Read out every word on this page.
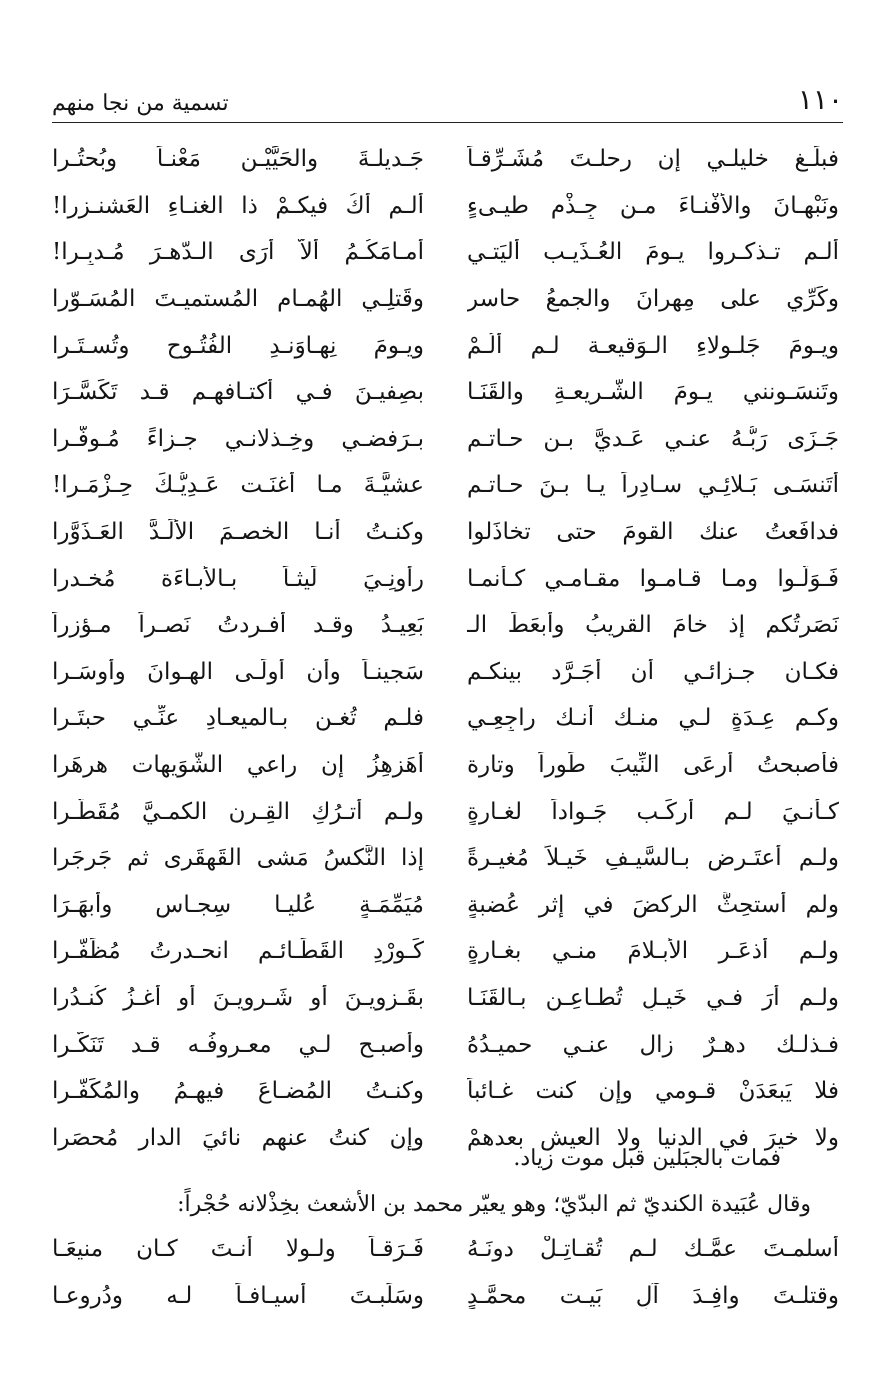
١١٠
تسمية من نجا منهم
فبلِّـغ خليلـي إن رحلـتَ مُشَـرِّقـاً
جَـديلـةَ والحَيَّيْـن مَعْنـاً وبُحتُـرا
ونَبْهـانَ والأَفْنـاءَ مـن جِـذْمِ طيـىءٍ
ألـم أكُ فيكـمْ ذا الغنـاءِ العَشنـزرا!
ألـم تـذكـروا يـومَ العُـذَيـب أليَتـي
أمـامَكُـمُ ألاَّ أرَى الـدّهـرَ مُـدبِـرا!
وكَرِّي على مِهرانَ والجمعُ حاسر
وقَتلِـي الهُمـام المُستميـتَ المُسَـوّرا
ويـومَ جَلـولاءِ الـوَقيعـة لـم أَلُـمْ
ويـومَ نِهـاوَنـدِ الفُتُـوح وتُسـتَـرا
وتَنسَـونني يـومَ الشَّـريعـةِ والقَنَـا
بصِفيـنَ فـي أكتـافهـم قـد تَكَسَّـرَا
جَـزَى رَبُّـهُ عنـي عَـديَّ بـن حـاتـمٍ
بـرَفضـي وخِـذلانـي جـزاءً مُـوفَّـرا
أَتَنسَـى بَـلائِـي سـادِراً يـا بـنَ حـاتـمٍ
عشيَّـةَ مـا أغنَـت عَـدِيُّـكَ حِـزْمَـرا!
فدافَعتُ عنك القومَ حتى تخاذَلوا
وكنـتُ أنـا الخصـمَ الألَـدَّ العَـذَوَّرا
فَـوَلّـوا ومـا قـامـوا مقـامـي كـأنمـا
رأَونِـيَ لَيثـاً بـالأَبـاءَة مُخـدرا
نَصَرتُكم إذ خامَ القريبُ وأبعَطَ الـ
بَعِيـدُ وقـد أفـرِدتُ نَصـراً مـؤزراً
فكـان جـزائـي أن أجَـرَّد بينكـم
سَجينـاً وأن أُولَـى الهـوانَ وأوسَـرا
وكـم عِـدَةٍ لـي منـك أنـك راجِعِـي
فلـم تُغـنِ بـالميعـادِ عنِّـي حبتَـرا
فأَصبحتُ أرعَى النِّيبَ طَوراً وتارة
أُهَزهِزُ إن راعي الشُّوَيهات هرهَرا
كـأنـيَ لـم أركَـب جَـواداً لغـارةٍ
ولـم أتـرُكِ القِـرن الكمـيَّ مُقَطَّـرا
ولـم أعتَـرِض بـالسَّيـفِ خَيـلاً مُغيـرةً
إذا النَّكسُ مَشى القَهقَرى ثم جَرجَرا
ولم أستحِثَّ الركضَ في إثرِ عُضبةٍ
مُيَمِّمَـةٍ عُليـا سِجـاسٍ وأبهَـرَا
ولـم أذعَـرِ الأَبـلامَ منـي بغـارةٍ
كَـوِرْدِ القَطَـائـم انحـدرتُ مُظَفَّـرا
ولـم أرَ فـي خَيـلٍ تُطـاعِـن بـالقَنَـا
بقَـزويـنَ أو شَـرويـنَ أو أغـزُ كُنـدُرا
فـذلـك دهـرٌ زال عنـي حميـدُهُ
وأصبـح لـي معـروفُـه قـد تَنَكَّـرا
فلا يَبعَدَنْ قـومي وإن كنت غـائباً
وكنـتُ المُضـاعَ فيهـمُ والمُكَفَّـرا
ولا خيرَ في الدنيا ولا العيش بعدهمْ
وإن كنتُ عنهم نائيَ الدار مُحصَرا
فمات بالجبَلين قبل موت زياد.
وقال عُبَيدة الكنديّ ثم البدّيّ؛ وهو يعيّر محمد بن الأشعث بخِذْلانه حُجْراً:
أَسلمـتَ عمَّـك لـم تُقـاتِـلْ دونَـهُ
فَـرَقـاً ولـولا أنـتَ كـان منيعَـا
وقتلـتَ وافِـدَ آلِ بَيـت محمَّـدٍ
وسَلَبـتَ أسيـافـاً لـه ودُروعـا
